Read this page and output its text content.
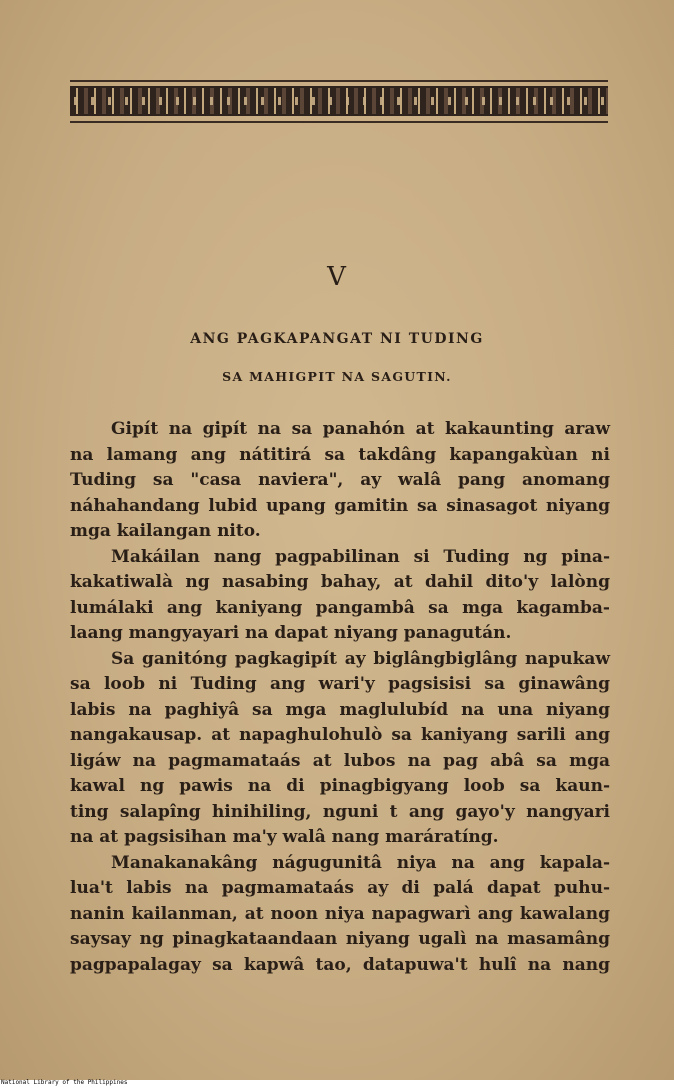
V
ANG PAGKAPANGAT NI TUDING
SA MAHIGPIT NA SAGUTIN.
Gipít na gipít na sa panahón at kakaunting araw
na lamang ang nátitirá sa takdâng kapangakùan ni
Tuding sa "casa naviera", ay walâ pang anomang
náhahandang lubid upang gamitin sa sinasagot niyang
mga kailangan nito.
Makáilan nang pagpabilinan si Tuding ng pina-
kakatiwalà ng nasabing bahay, at dahil dito'y lalòng
lumálaki ang kaniyang pangambâ sa mga kagamba-
laang mangyayari na dapat niyang panagután.
Sa ganitóng pagkagipít ay biglângbiglâng napukaw
sa loob ni Tuding ang wari'y pagsisisi sa ginawâng
labis na paghiyâ sa mga maglulubíd na una niyang
nangakausap. at napaghulohulò sa kaniyang sarili ang
ligáw na pagmamataás at lubos na pag abâ sa mga
kawal ng pawis na di pinagbigyang loob sa kaun-
ting salapîng hinihiling, nguni t ang gayo'y nangyari
na at pagsisihan ma'y walâ nang maráratíng.
Manakanakâng nágugunitâ niya na ang kapala-
lua't labis na pagmamataás ay di palá dapat puhu-
nanin kailanman, at noon niya napagwarì ang kawalang
saysay ng pinagkataandaan niyang ugalì na masamâng
pagpapalagay sa kapwâ tao, datapuwa't hulî na nang
National Library of the Philippines
